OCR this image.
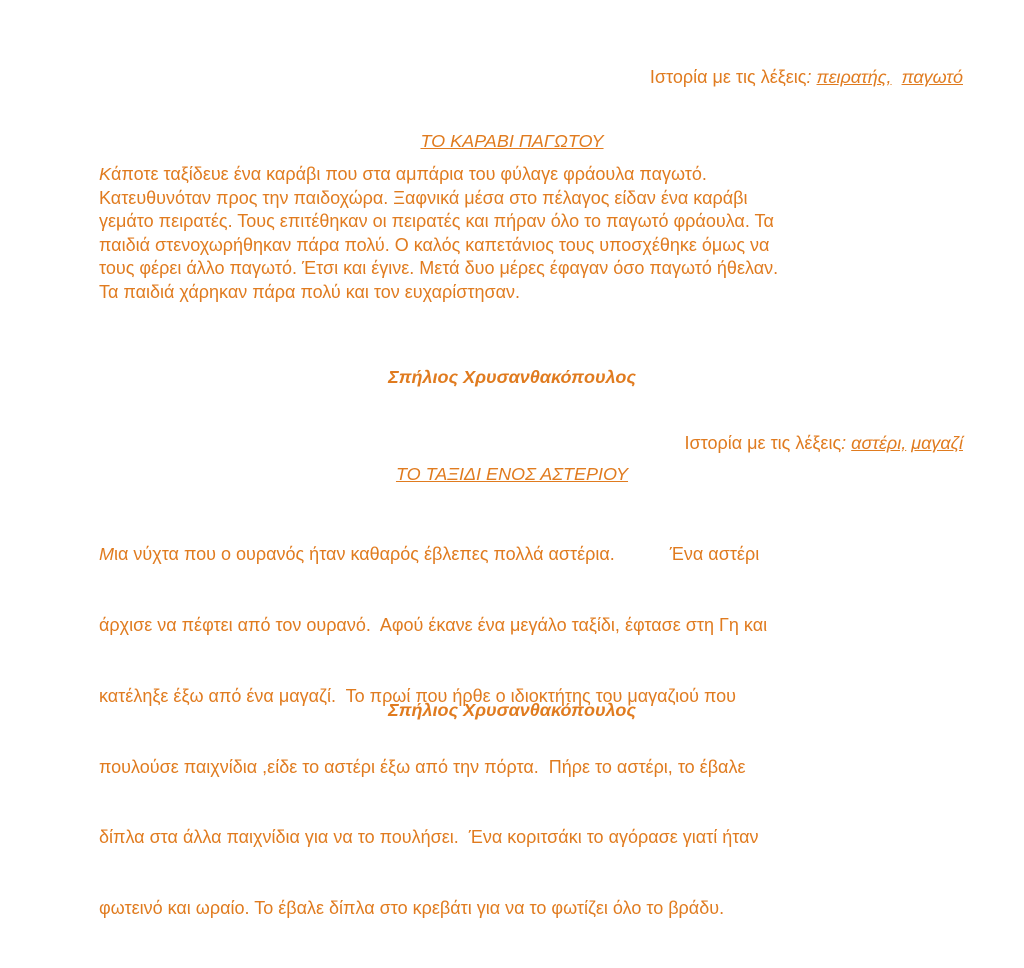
Ιστορία με τις λέξεις: πειρατής, παγωτό
ΤΟ ΚΑΡΑΒΙ ΠΑΓΩΤΟΥ

Κάποτε ταξίδευε ένα καράβι που στα αμπάρια του φύλαγε φράουλα παγωτό.

Κατευθυνόταν προς την παιδοχώρα. Ξαφνικά μέσα στο πέλαγος είδαν ένα καράβι

γεμάτο πειρατές. Τους επιτέθηκαν οι πειρατές και πήραν όλο το παγωτό φράουλα. Τα

παιδιά στενοχωρήθηκαν πάρα πολύ. Ο καλός καπετάνιος τους υποσχέθηκε όμως να

τους φέρει άλλο παγωτό. Έτσι και έγινε. Μετά δυο μέρες έφαγαν όσο παγωτό ήθελαν.

Τα παιδιά χάρηκαν πάρα πολύ και τον ευχαρίστησαν.

Σπήλιος Χρυσανθακόπουλος
Ιστορία με τις λέξεις: αστέρι, μαγαζί
ΤΟ ΤΑΞΙΔΙ ΕΝΟΣ ΑΣΤΕΡΙΟΥ

Μια νύχτα που ο ουρανός ήταν καθαρός έβλεπες πολλά αστέρια.           Ένα αστέρι

άρχισε να πέφτει από τον ουρανό.  Αφού έκανε ένα μεγάλο ταξίδι, έφτασε στη Γη και

κατέληξε έξω από ένα μαγαζί.  Το πρωί που ήρθε ο ιδιοκτήτης του μαγαζιού που

πουλούσε παιχνίδια ,είδε το αστέρι έξω από την πόρτα.  Πήρε το αστέρι, το έβαλε

δίπλα στα άλλα παιχνίδια για να το πουλήσει.  Ένα κοριτσάκι το αγόρασε γιατί ήταν

φωτεινό και ωραίο. Το έβαλε δίπλα στο κρεβάτι για να το φωτίζει όλο το βράδυ.

Σπήλιος Χρυσανθακόπουλος
